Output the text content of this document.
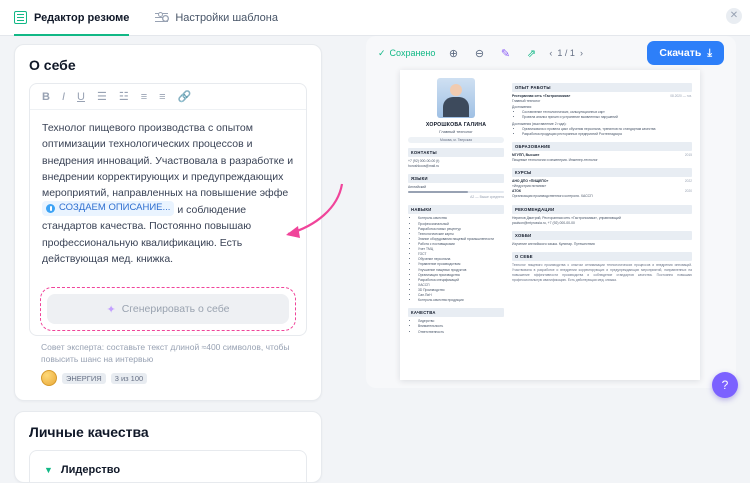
Редактор резюме	Настройки шаблона	✕
О себе
B I U ☰ ☳ ≡ ≡ 🔗
Технолог пищевого производства с опытом оптимизации технологических процессов и внедрения инноваций. Участвовала в разработке и внедрении корректирующих и предупреждающих мероприятий, направленных на повышение эффе
СОЗДАЕМ ОПИСАНИЕ... и соблюдение стандартов качества. Постоянно повышаю профессиональную квалификацию. Есть действующая мед. книжка.
✦ Сгенерировать о себе
Совет эксперта: составьте текст длиной ≈400 символов, чтобы повысить шанс на интервью
ЭНЕРГИЯ	3 из 100
Личные качества
▼ Лидерство
✓ Сохранено	⊕	⊖	✎	⇗	‹ 1 / 1 ›	Скачать ⤓
ХОРОШКОВА ГАЛИНА
Главный технолог
Москва, м. Тверская
КОНТАКТЫ
+7 (92) 000-00-00 (t)
horoshkova@mail.ru
ЯЗЫКИ
Английский
A2 — Выше среднего
НАВЫКИ
• Контроль качества
• Профессиональный
• Разработка новых рецептур
• Технологические карты
• Знание оборудования пищевой промышленности
• Работа с поставщиками
• Учет ТМЦ
• ГОСТ
• Обучение персонала
• Управление производством
• Улучшение пищевых продуктов
• Организация производства
• Разработка спецификаций
• ХАССП
• 3D Производство
• Сан.ПиН
• Контроль качества продукции
КАЧЕСТВА
• Лидерство
• Внимательность
• Ответственность
ОПЫТ РАБОТЫ
Ресторанная сеть «Гастрономика»	08.2020 — н.в.
Главный технолог
Достижения:
• Составление технологических, калькуляционных карт
• Провела анализ причин и устранение выявленных нарушений
Достижения (выставление 2 года):
• Организовала и провела цикл обучения персонала, тренингов по стандартам качества
• Разработка продукции ресторанных предприятий Ростехнадзора
ОБРАЗОВАНИЕ
МГУПП, Высшее	2015
Пищевые технологии и инженерия. Инженер-технолог
КУРСЫ
АНО ДПО «ПИЩЕПО»	2022
«Индустрия питания»
АТОК	2020
Организация производственного контроля. ХАССП
РЕКОМЕНДАЦИИ
Неринов Дмитрий, Ресторанная сеть «Гастрономика», управляющий
paulson@mtyrussia.ru, +7 (92) 000-00-00
ХОББИ
Изучение английского языка. Кулинар. Путешествия
О СЕБЕ
Технолог пищевого производства с опытом оптимизации технологических процессов и внедрения инноваций. Участвовала в разработке и внедрении корректирующих и предупреждающих мероприятий, направленных на повышение эффективности производства и соблюдение стандартов качества. Постоянно повышаю профессиональную квалификацию. Есть действующая мед. книжка.
?
